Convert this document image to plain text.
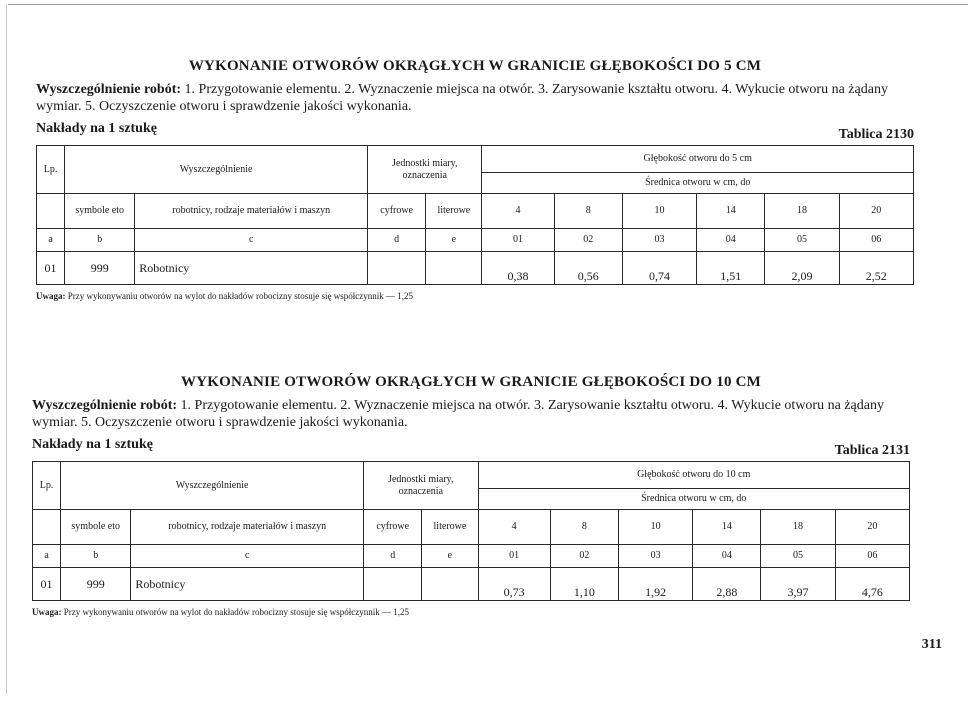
WYKONANIE OTWORÓW OKRĄGŁYCH W GRANICIE GŁĘBOKOŚCI DO 5 CM

Wyszczególnienie robót: 1. Przygotowanie elementu. 2. Wyznaczenie miejsca na otwór. 3. Zarysowanie kształtu otworu. 4. Wykucie otworu na żądany wymiar. 5. Oczyszczenie otworu i sprawdzenie jakości wykonania.

Nakłady na 1 sztukę	Tablica 2130
Lp.	Wyszczególnienie		Jednostki miary, oznaczenia		Głębokość otworu do 5 cm					
					Średnica otworu w cm, do					
	symbole eto	robotnicy, rodzaje materiałów i maszyn	cyfrowe	literowe	4	8	10	14	18	20
a	b	c	d	e	01	02	03	04	05	06
01	999	Robotnicy			0,38	0,56	0,74	1,51	2,09	2,52
Uwaga: Przy wykonywaniu otworów na wylot do nakładów robocizny stosuje się współczynnik — 1,25
WYKONANIE OTWORÓW OKRĄGŁYCH W GRANICIE GŁĘBOKOŚCI DO 10 CM

Wyszczególnienie robót: 1. Przygotowanie elementu. 2. Wyznaczenie miejsca na otwór. 3. Zarysowanie kształtu otworu. 4. Wykucie otworu na żądany wymiar. 5. Oczyszczenie otworu i sprawdzenie jakości wykonania.

Nakłady na 1 sztukę	Tablica 2131
Lp.	Wyszczególnienie		Jednostki miary, oznaczenia		Głębokość otworu do 10 cm					
					Średnica otworu w cm, do					
	symbole eto	robotnicy, rodzaje materiałów i maszyn	cyfrowe	literowe	4	8	10	14	18	20
a	b	c	d	e	01	02	03	04	05	06
01	999	Robotnicy			0,73	1,10	1,92	2,88	3,97	4,76
Uwaga: Przy wykonywaniu otworów na wylot do nakładów robocizny stosuje się współczynnik — 1,25
311
